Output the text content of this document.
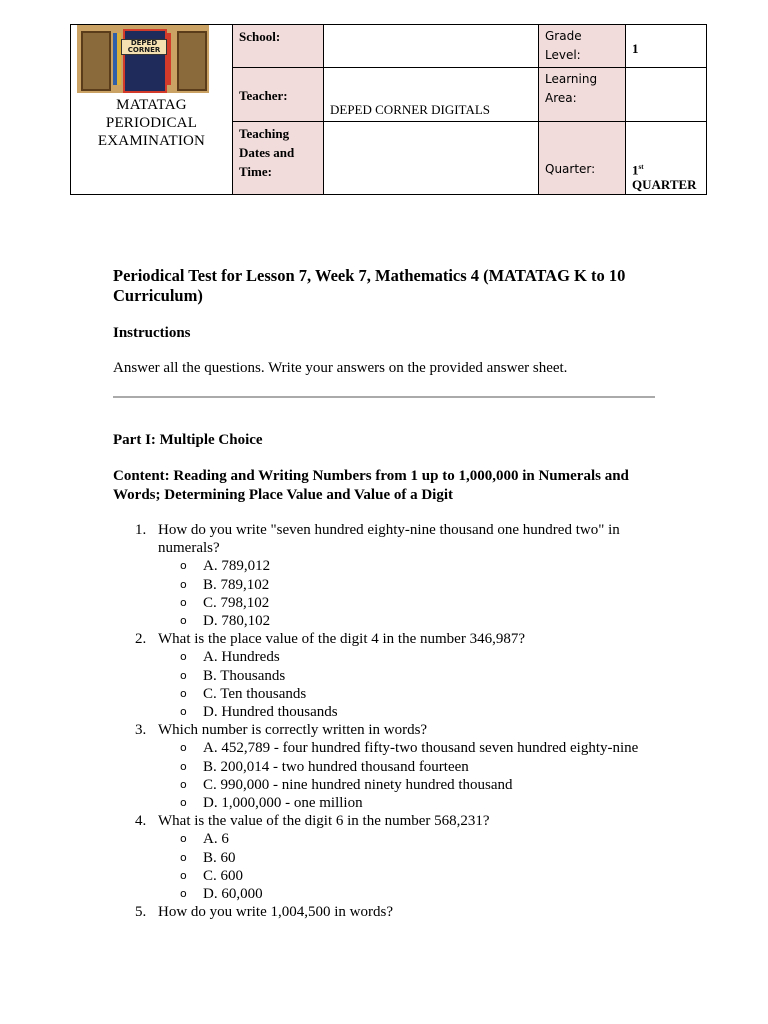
DEPED CORNER
MATATAG PERIODICAL EXAMINATION	School:		Grade Level:	1
	Teacher:	DEPED CORNER DIGITALS	Learning Area:	
	Teaching Dates and Time:		Quarter:	1st
QUARTER
Periodical Test for Lesson 7, Week 7, Mathematics 4 (MATATAG K to 10 Curriculum)
Instructions

Answer all the questions. Write your answers on the provided answer sheet.

Part I: Multiple Choice
Content: Reading and Writing Numbers from 1 up to 1,000,000 in Numerals and Words; Determining Place Value and Value of a Digit
1. How do you write "seven hundred eighty-nine thousand one hundred two" in numerals?
o A. 789,012
o B. 789,102
o C. 798,102
o D. 780,102
2. What is the place value of the digit 4 in the number 346,987?
o A. Hundreds
o B. Thousands
o C. Ten thousands
o D. Hundred thousands
3. Which number is correctly written in words?
o A. 452,789 - four hundred fifty-two thousand seven hundred eighty-nine
o B. 200,014 - two hundred thousand fourteen
o C. 990,000 - nine hundred ninety hundred thousand
o D. 1,000,000 - one million
4. What is the value of the digit 6 in the number 568,231?
o A. 6
o B. 60
o C. 600
o D. 60,000
5. How do you write 1,004,500 in words?
